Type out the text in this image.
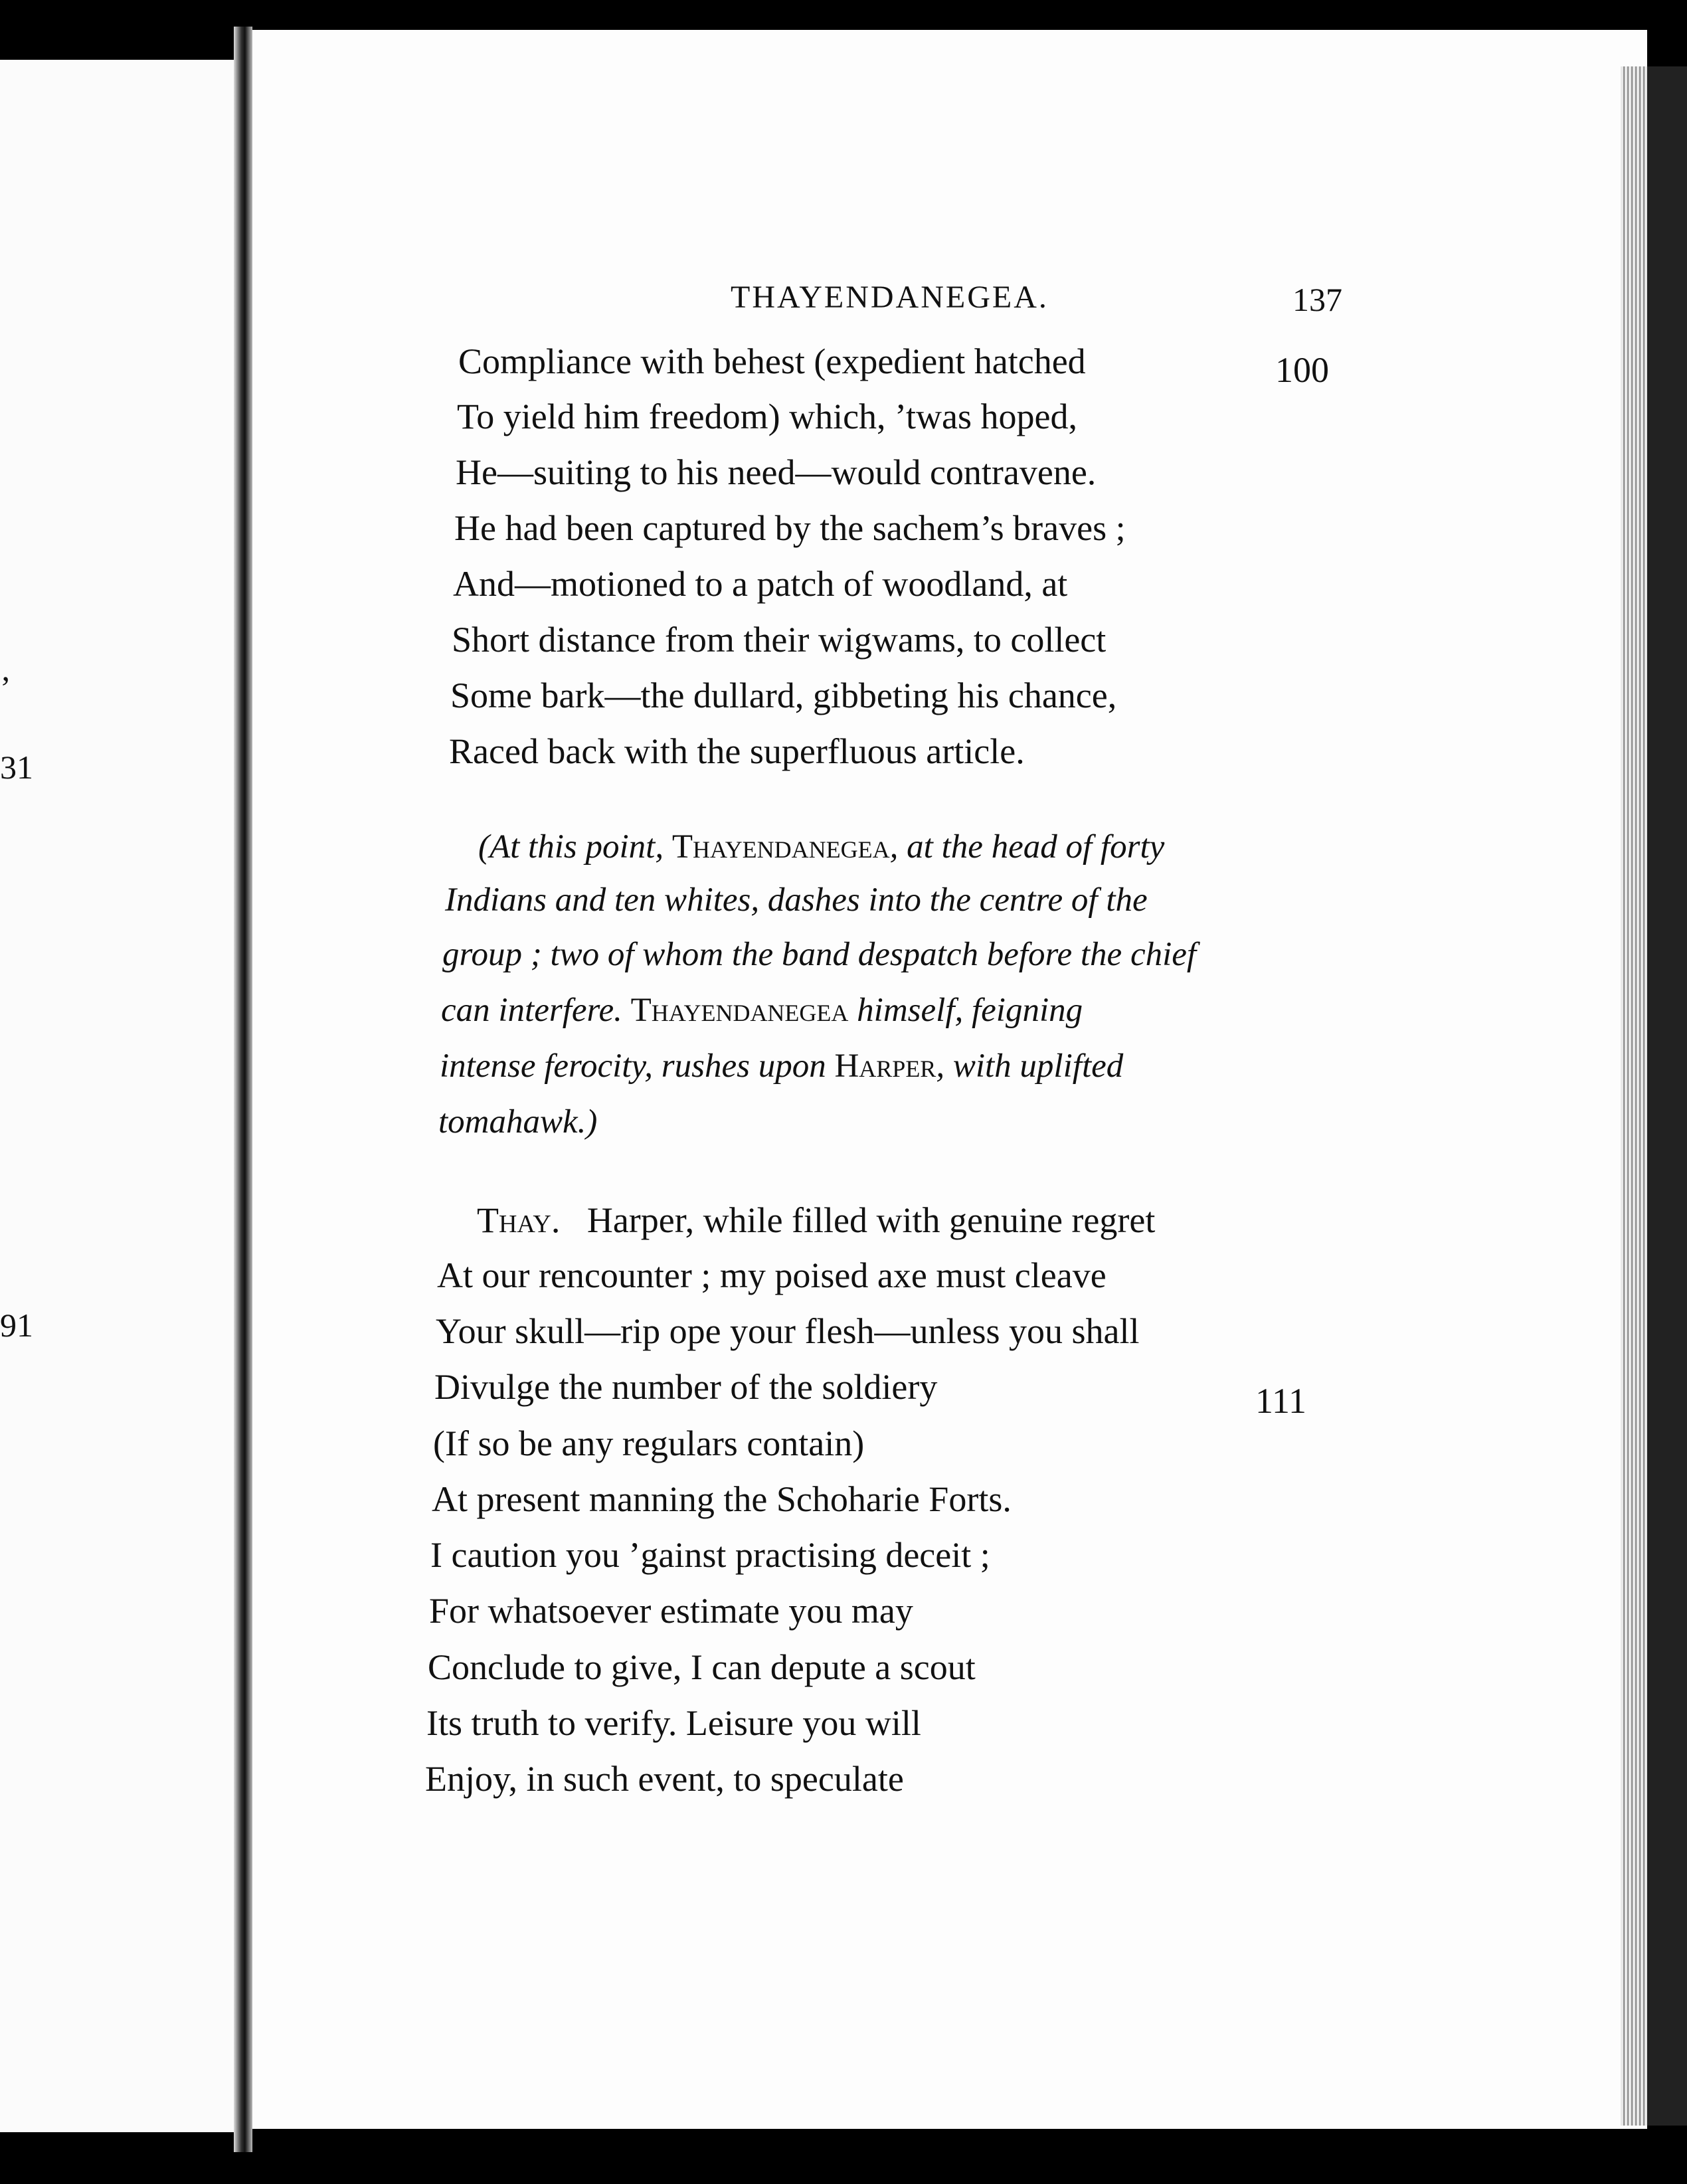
’
31
91
THAYENDANEGEA.	137
Compliance with behest (expedient hatched
To yield him freedom) which, ’twas hoped,
He—suiting to his need—would contravene.
He had been captured by the sachem’s braves ;
And—motioned to a patch of woodland, at
Short distance from their wigwams, to collect
Some bark—the dullard, gibbeting his chance,
Raced back with the superfluous article.
100
(At this point, Thayendanegea, at the head of forty
Indians and ten whites, dashes into the centre of the
group ; two of whom the band despatch before the chief
can interfere. Thayendanegea himself, feigning
intense ferocity, rushes upon Harper, with uplifted
tomahawk.)
Thay. Harper, while filled with genuine regret
At our rencounter ; my poised axe must cleave
Your skull—rip ope your flesh—unless you shall
Divulge the number of the soldiery
(If so be any regulars contain)
At present manning the Schoharie Forts.
I caution you ’gainst practising deceit ;
For whatsoever estimate you may
Conclude to give, I can depute a scout
Its truth to verify. Leisure you will
Enjoy, in such event, to speculate
111
